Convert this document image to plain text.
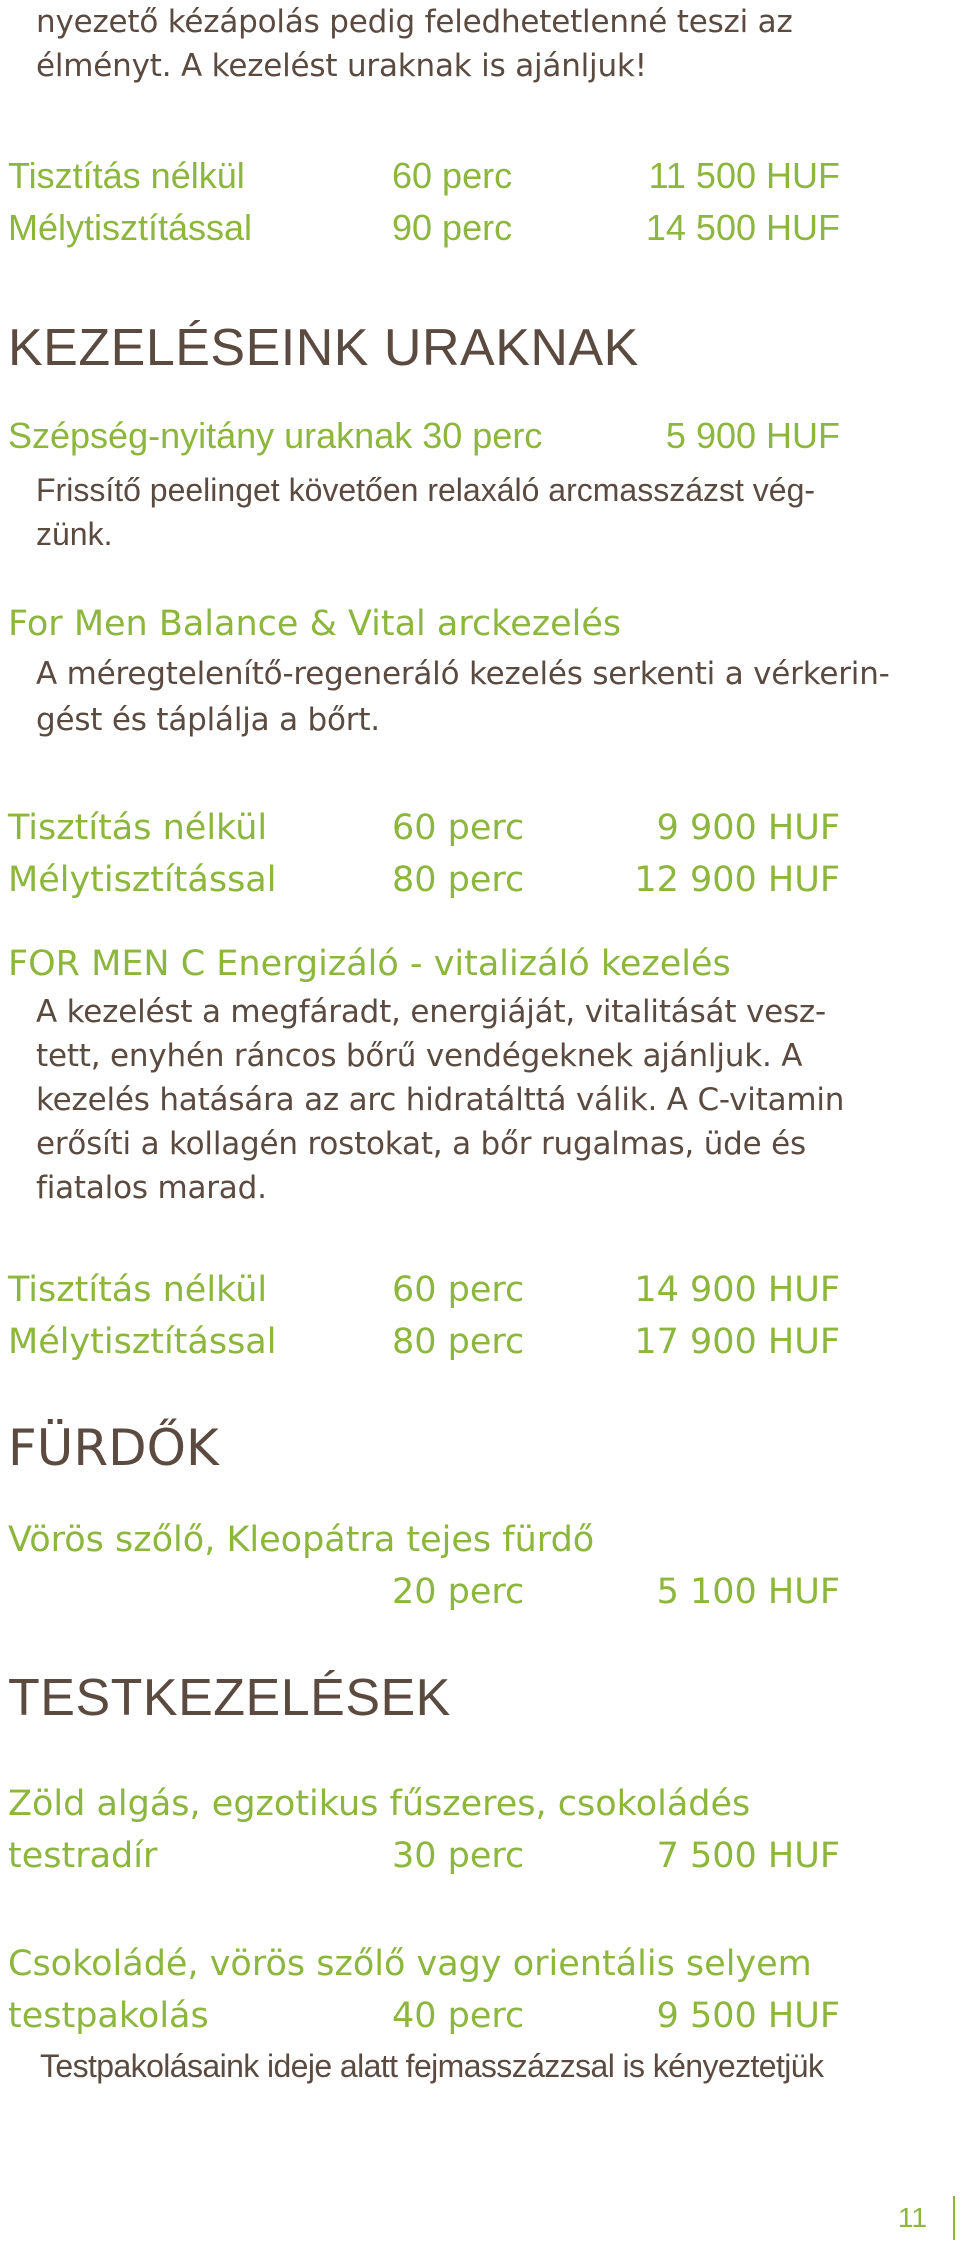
nyezető kézápolás pedig feledhetetlenné teszi az
élményt. A kezelést uraknak is ajánljuk!
Tisztítás nélkül	60 perc	11 500 HUF
Mélytisztítással	90 perc	14 500 HUF
KEZELÉSEINK URAKNAK
Szépség-nyitány uraknak 30 perc	5 900 HUF
Frissítő peelinget követően relaxáló arcmasszázst vég-
zünk.
For Men Balance & Vital arckezelés
A méregtelenítő-regeneráló kezelés serkenti a vérkerin-
gést és táplálja a bőrt.
Tisztítás nélkül	60 perc	9 900 HUF
Mélytisztítással	80 perc	12 900 HUF
FOR MEN C Energizáló - vitalizáló kezelés
A kezelést a megfáradt, energiáját, vitalitását vesz-
tett, enyhén ráncos bőrű vendégeknek ajánljuk. A
kezelés hatására az arc hidratálttá válik. A C-vitamin
erősíti a kollagén rostokat, a bőr rugalmas, üde és
fiatalos marad.
Tisztítás nélkül	60 perc	14 900 HUF
Mélytisztítással	80 perc	17 900 HUF
FÜRDŐK
Vörös szőlő, Kleopátra tejes fürdő
20 perc	5 100 HUF
TESTKEZELÉSEK
Zöld algás, egzotikus fűszeres, csokoládés
testradír	30 perc	7 500 HUF
Csokoládé, vörös szőlő vagy orientális selyem
testpakolás	40 perc	9 500 HUF
Testpakolásaink ideje alatt fejmasszázzsal is kényeztetjük
11
